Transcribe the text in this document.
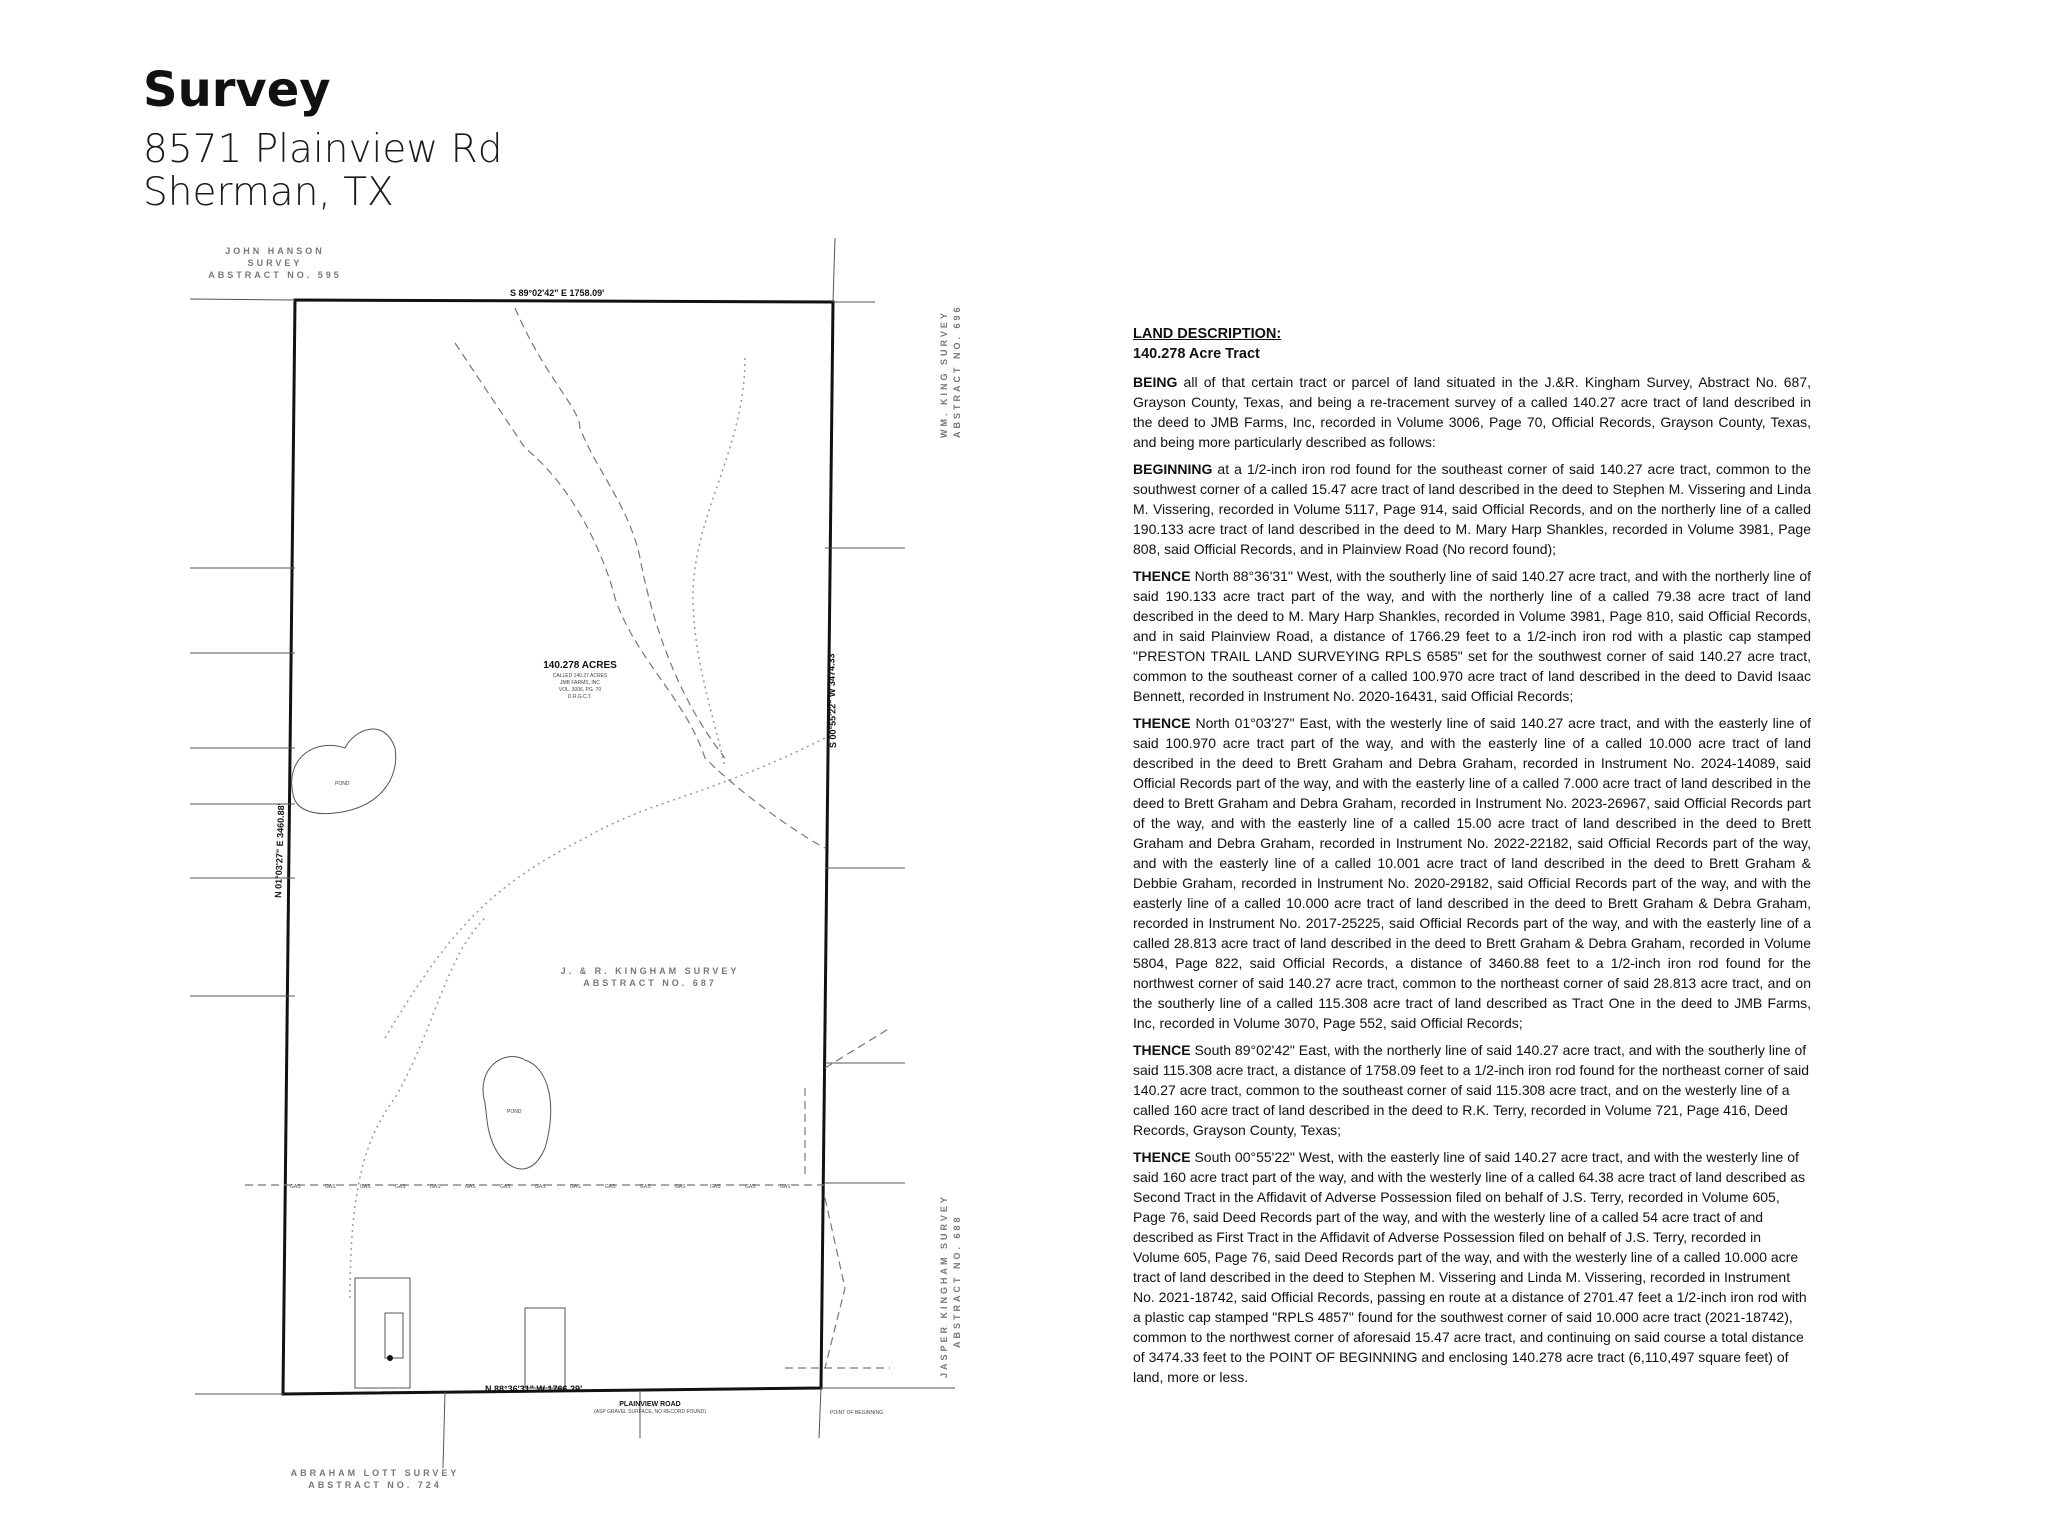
Survey
8571 Plainview Rd
Sherman, TX
JOHN HANSON
SURVEY
ABSTRACT NO. 595
WM. KING SURVEY ABSTRACT NO. 696
JASPER KINGHAM SURVEY ABSTRACT NO. 688
J. & R. KINGHAM SURVEY
ABSTRACT NO. 687
ABRAHAM LOTT SURVEY
ABSTRACT NO. 724
POND
POND
GAS	GAS	GAS	GAS	GAS	GAS	GAS	GAS	GAS	GAS	GAS	GAS	GAS	GAS	GAS
S 89°02'42" E 1758.09'
N 01°03'27" E 3460.88'
S 00°55'22" W 3474.33'
N 88°36'31" W 1766.29'
140.278 ACRES
CALLED 140.27 ACRES
JMB FARMS, INC
VOL. 3006, PG. 70
D.R.G.C.T.
PLAINVIEW ROAD
(ASP GRAVEL SURFACE, NO RECORD FOUND)	POINT OF BEGINNING
LAND DESCRIPTION:
140.278 Acre Tract

BEING all of that certain tract or parcel of land situated in the J.&R. Kingham Survey, Abstract No. 687, Grayson County, Texas, and being a re-tracement survey of a called 140.27 acre tract of land described in the deed to JMB Farms, Inc, recorded in Volume 3006, Page 70, Official Records, Grayson County, Texas, and being more particularly described as follows:

BEGINNING at a 1/2-inch iron rod found for the southeast corner of said 140.27 acre tract, common to the southwest corner of a called 15.47 acre tract of land described in the deed to Stephen M. Vissering and Linda M. Vissering, recorded in Volume 5117, Page 914, said Official Records, and on the northerly line of a called 190.133 acre tract of land described in the deed to M. Mary Harp Shankles, recorded in Volume 3981, Page 808, said Official Records, and in Plainview Road (No record found);

THENCE North 88°36'31" West, with the southerly line of said 140.27 acre tract, and with the northerly line of said 190.133 acre tract part of the way, and with the northerly line of a called 79.38 acre tract of land described in the deed to M. Mary Harp Shankles, recorded in Volume 3981, Page 810, said Official Records, and in said Plainview Road, a distance of 1766.29 feet to a 1/2-inch iron rod with a plastic cap stamped "PRESTON TRAIL LAND SURVEYING RPLS 6585" set for the southwest corner of said 140.27 acre tract, common to the southeast corner of a called 100.970 acre tract of land described in the deed to David Isaac Bennett, recorded in Instrument No. 2020-16431, said Official Records;

THENCE North 01°03'27" East, with the westerly line of said 140.27 acre tract, and with the easterly line of said 100.970 acre tract part of the way, and with the easterly line of a called 10.000 acre tract of land described in the deed to Brett Graham and Debra Graham, recorded in Instrument No. 2024-14089, said Official Records part of the way, and with the easterly line of a called 7.000 acre tract of land described in the deed to Brett Graham and Debra Graham, recorded in Instrument No. 2023-26967, said Official Records part of the way, and with the easterly line of a called 15.00 acre tract of land described in the deed to Brett Graham and Debra Graham, recorded in Instrument No. 2022-22182, said Official Records part of the way, and with the easterly line of a called 10.001 acre tract of land described in the deed to Brett Graham & Debbie Graham, recorded in Instrument No. 2020-29182, said Official Records part of the way, and with the easterly line of a called 10.000 acre tract of land described in the deed to Brett Graham & Debra Graham, recorded in Instrument No. 2017-25225, said Official Records part of the way, and with the easterly line of a called 28.813 acre tract of land described in the deed to Brett Graham & Debra Graham, recorded in Volume 5804, Page 822, said Official Records, a distance of 3460.88 feet to a 1/2-inch iron rod found for the northwest corner of said 140.27 acre tract, common to the northeast corner of said 28.813 acre tract, and on the southerly line of a called 115.308 acre tract of land described as Tract One in the deed to JMB Farms, Inc, recorded in Volume 3070, Page 552, said Official Records;

THENCE South 89°02'42" East, with the northerly line of said 140.27 acre tract, and with the southerly line of said 115.308 acre tract, a distance of 1758.09 feet to a 1/2-inch iron rod found for the northeast corner of said 140.27 acre tract, common to the southeast corner of said 115.308 acre tract, and on the westerly line of a called 160 acre tract of land described in the deed to R.K. Terry, recorded in Volume 721, Page 416, Deed Records, Grayson County, Texas;

THENCE South 00°55'22" West, with the easterly line of said 140.27 acre tract, and with the westerly line of said 160 acre tract part of the way, and with the westerly line of a called 64.38 acre tract of land described as Second Tract in the Affidavit of Adverse Possession filed on behalf of J.S. Terry, recorded in Volume 605, Page 76, said Deed Records part of the way, and with the westerly line of a called 54 acre tract of and described as First Tract in the Affidavit of Adverse Possession filed on behalf of J.S. Terry, recorded in Volume 605, Page 76, said Deed Records part of the way, and with the westerly line of a called 10.000 acre tract of land described in the deed to Stephen M. Vissering and Linda M. Vissering, recorded in Instrument No. 2021-18742, said Official Records, passing en route at a distance of 2701.47 feet a 1/2-inch iron rod with a plastic cap stamped "RPLS 4857" found for the southwest corner of said 10.000 acre tract (2021-18742), common to the northwest corner of aforesaid 15.47 acre tract, and continuing on said course a total distance of 3474.33 feet to the POINT OF BEGINNING and enclosing 140.278 acre tract (6,110,497 square feet) of land, more or less.
